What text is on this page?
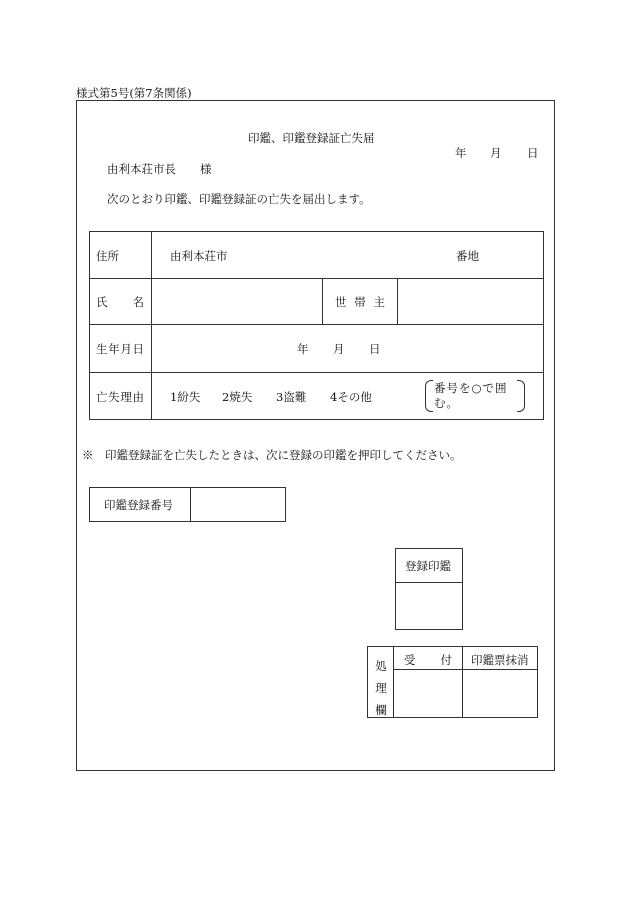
様式第5号(第7条関係)
印鑑、印鑑登録証亡失届
年 月 日
由利本荘市長 様
次のとおり印鑑、印鑑登録証の亡失を届出します。
住所	由利本荘市	番地
氏名	世帯主
生年月日	年 月 日
亡失理由 1紛失 2焼失 3盗難 4その他
番号を○で囲む。
※　印鑑登録証を亡失したときは、次に登録の印鑑を押印してください。
印鑑登録番号
登録印鑑
処
理
欄
受付 印鑑票抹消
